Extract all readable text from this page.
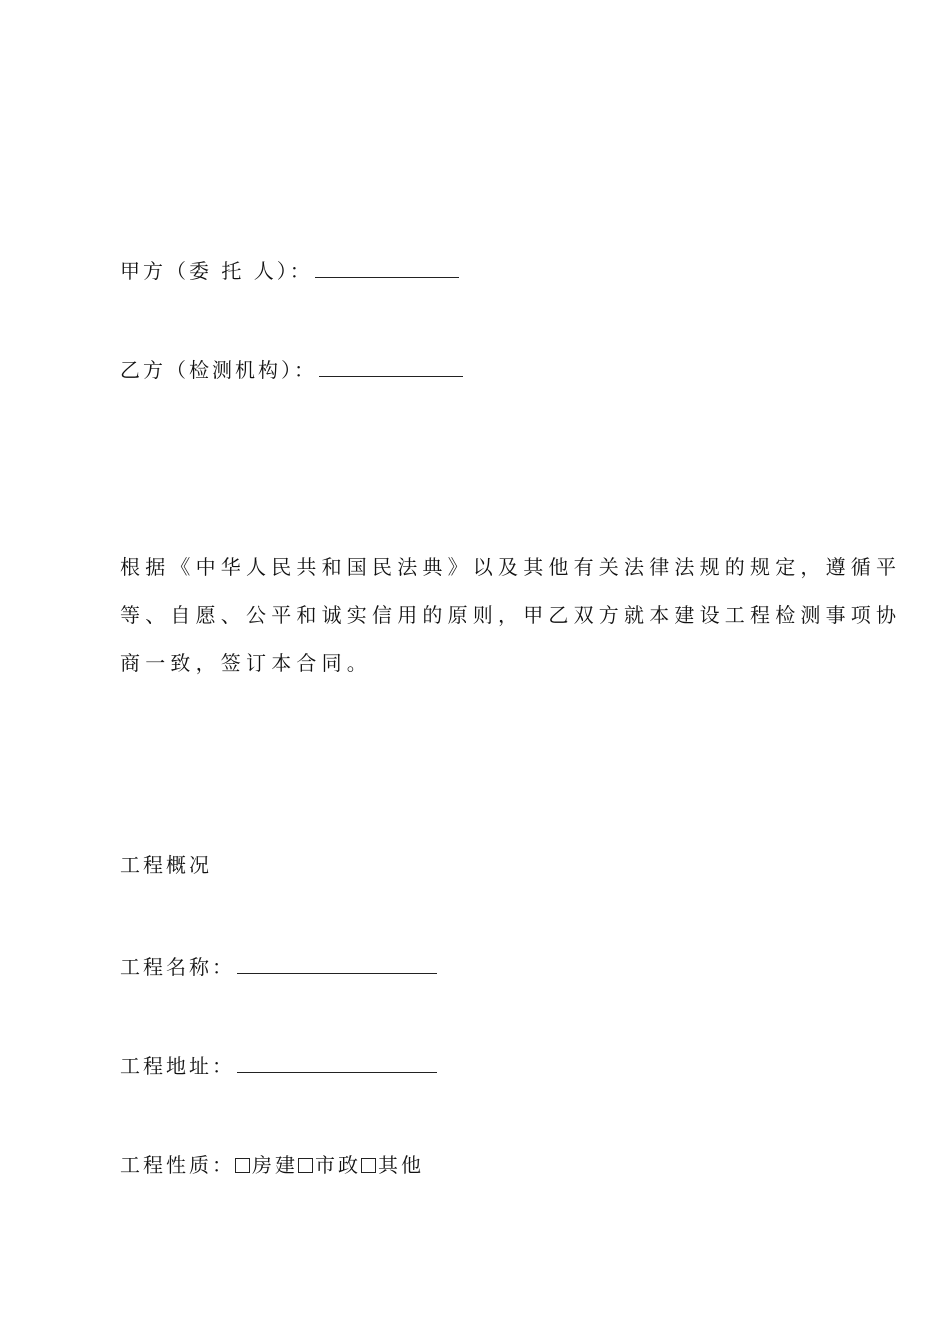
甲方（委 托 人）：
乙方（检测机构）：

根据《中华人民共和国民法典》以及其他有关法律法规的规定，遵循平

等、自愿、公平和诚实信用的原则，甲乙双方就本建设工程检测事项协

商一致，签订本合同。

工程概况
工程名称：
工程地址：
工程性质： 房建 市政 其他
